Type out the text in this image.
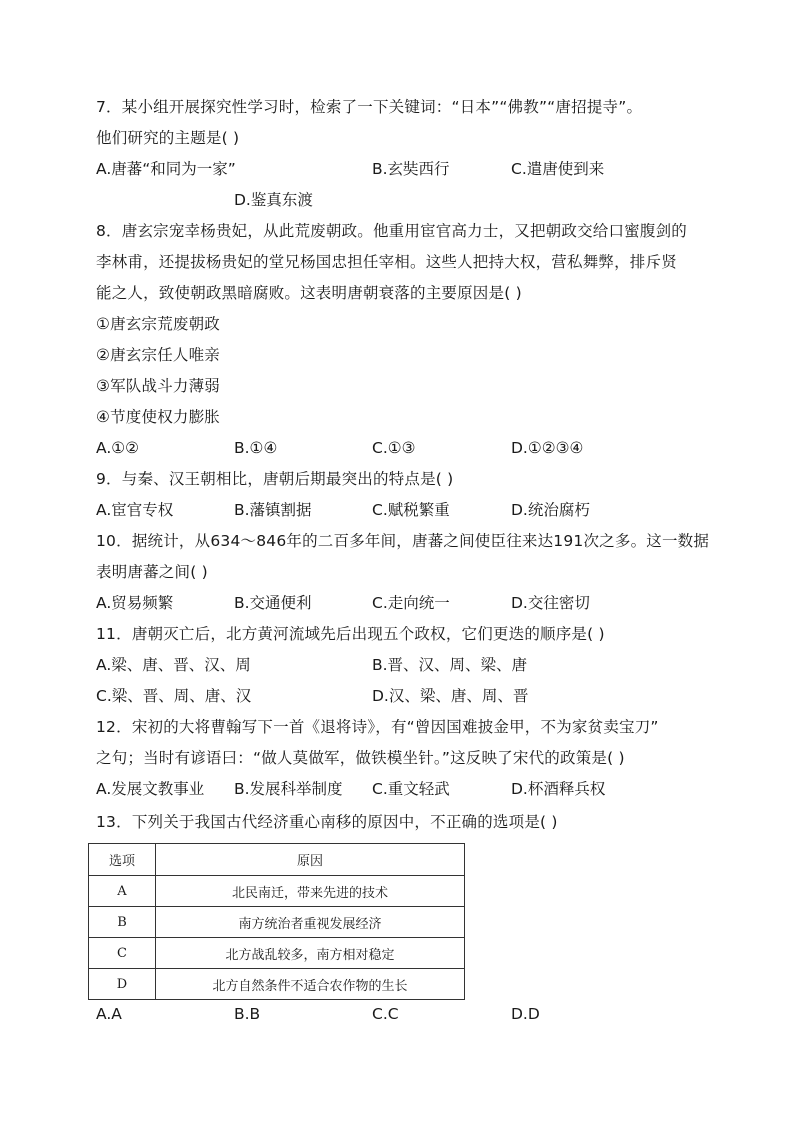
7．某小组开展探究性学习时，检索了一下关键词：“日本”“佛教”“唐招提寺”。
他们研究的主题是( )
A.唐蕃“和同为一家”	B.玄奘西行	C.遣唐使到来
D.鉴真东渡
8．唐玄宗宠幸杨贵妃，从此荒废朝政。他重用宦官高力士，又把朝政交给口蜜腹剑的
李林甫，还提拔杨贵妃的堂兄杨国忠担任宰相。这些人把持大权，营私舞弊，排斥贤
能之人，致使朝政黑暗腐败。这表明唐朝衰落的主要原因是( )
①唐玄宗荒废朝政
②唐玄宗任人唯亲
③军队战斗力薄弱
④节度使权力膨胀
A.①②	B.①④	C.①③	D.①②③④
9．与秦、汉王朝相比，唐朝后期最突出的特点是( )
A.宦官专权	B.藩镇割据	C.赋税繁重	D.统治腐朽
10．据统计，从634～846年的二百多年间，唐蕃之间使臣往来达191次之多。这一数据
表明唐蕃之间( )
A.贸易频繁	B.交通便利	C.走向统一	D.交往密切
11．唐朝灭亡后，北方黄河流域先后出现五个政权，它们更迭的顺序是( )
A.梁、唐、晋、汉、周	B.晋、汉、周、梁、唐
C.梁、晋、周、唐、汉	D.汉、梁、唐、周、晋
12．宋初的大将曹翰写下一首《退将诗》，有“曾因国难披金甲，不为家贫卖宝刀”
之句；当时有谚语曰：“做人莫做军，做铁模坐针。”这反映了宋代的政策是( )
A.发展文教事业 B.发展科举制度 C.重文轻武	D.杯酒释兵权
13．下列关于我国古代经济重心南移的原因中，不正确的选项是( )
选项	原因
A	北民南迁，带来先进的技术
B	南方统治者重视发展经济
C	北方战乱较多，南方相对稳定
D	北方自然条件不适合农作物的生长
A.A	B.B	C.C	D.D
